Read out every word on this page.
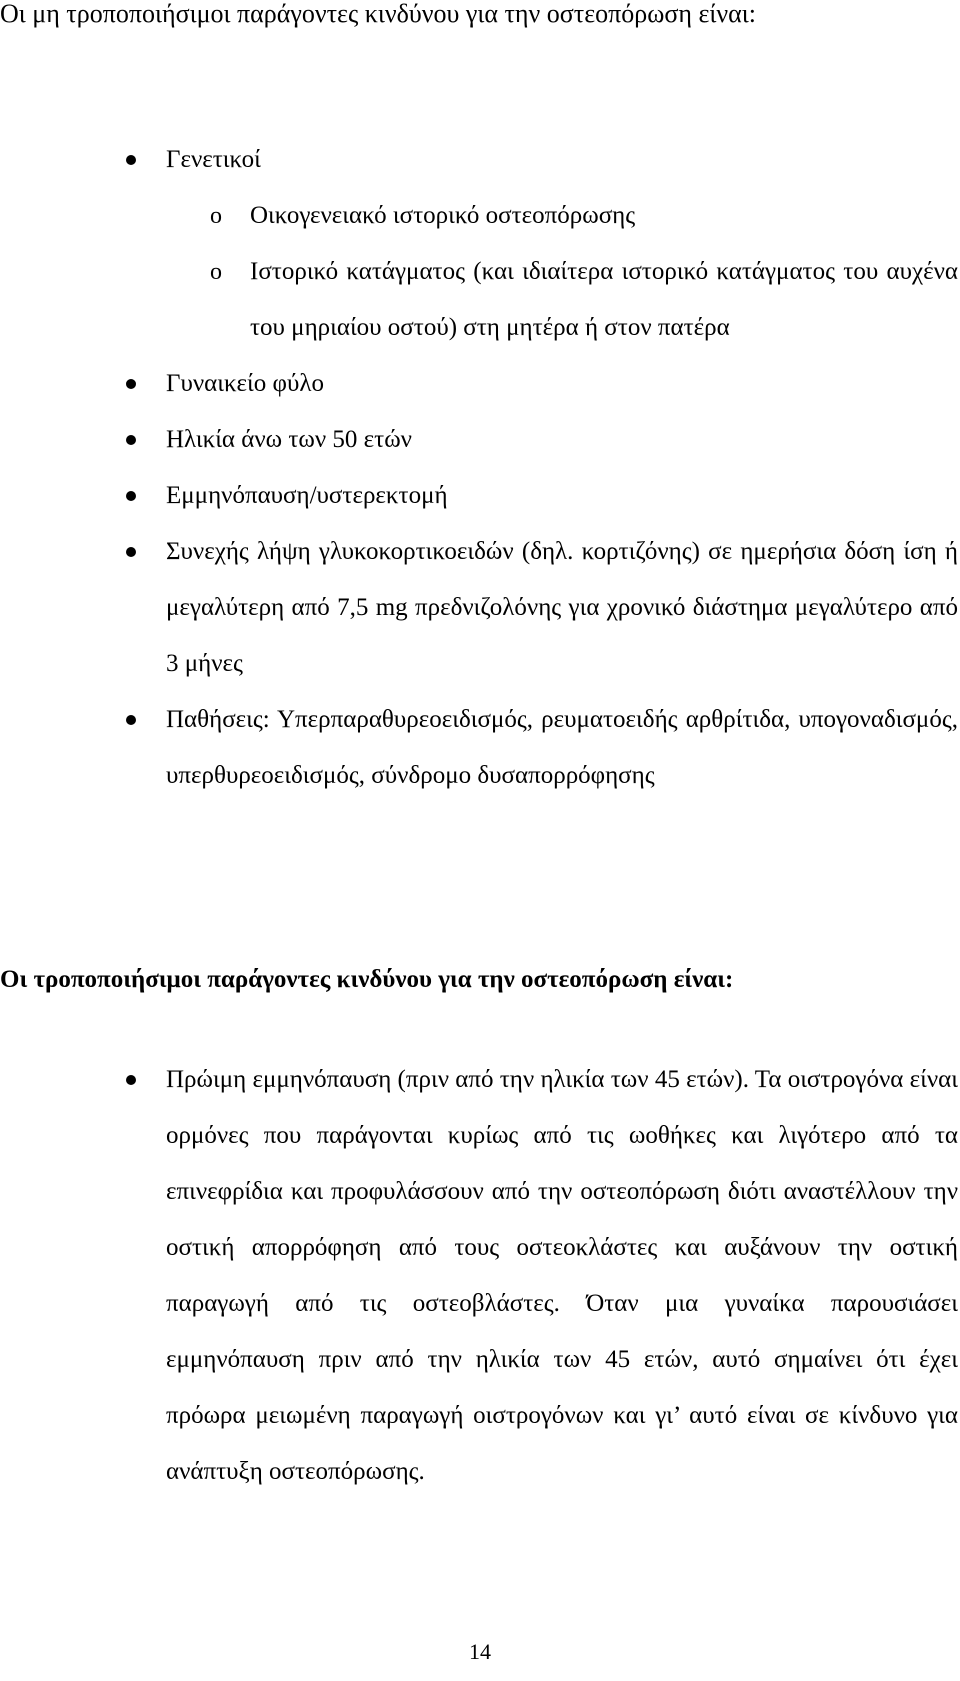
Οι μη τροποποιήσιμοι παράγοντες κινδύνου για την οστεοπόρωση είναι:
Γενετικοί
o Οικογενειακό ιστορικό οστεοπόρωσης
o Ιστορικό κατάγματος (και ιδιαίτερα ιστορικό κατάγματος του αυχένα του μηριαίου οστού) στη μητέρα ή στον πατέρα
Γυναικείο φύλο
Ηλικία άνω των 50 ετών
Εμμηνόπαυση/υστερεκτομή
Συνεχής λήψη γλυκοκορτικοειδών (δηλ. κορτιζόνης) σε ημερήσια δόση ίση ή μεγαλύτερη από 7,5 mg πρεδνιζολόνης για χρονικό διάστημα μεγαλύτερο από 3 μήνες
Παθήσεις: Υπερπαραθυρεοειδισμός, ρευματοειδής αρθρίτιδα, υπογοναδισμός, υπερθυρεοειδισμός, σύνδρομο δυσαπορρόφησης
Οι τροποποιήσιμοι παράγοντες κινδύνου για την οστεοπόρωση είναι:
Πρώιμη εμμηνόπαυση (πριν από την ηλικία των 45 ετών). Τα οιστρογόνα είναι ορμόνες που παράγονται κυρίως από τις ωοθήκες και λιγότερο από τα επινεφρίδια και προφυλάσσουν από την οστεοπόρωση διότι αναστέλλουν την οστική απορρόφηση από τους οστεοκλάστες και αυξάνουν την οστική παραγωγή από τις οστεοβλάστες. Όταν μια γυναίκα παρουσιάσει εμμηνόπαυση πριν από την ηλικία των 45 ετών, αυτό σημαίνει ότι έχει πρόωρα μειωμένη παραγωγή οιστρογόνων και γι’ αυτό είναι σε κίνδυνο για ανάπτυξη οστεοπόρωσης.
14
